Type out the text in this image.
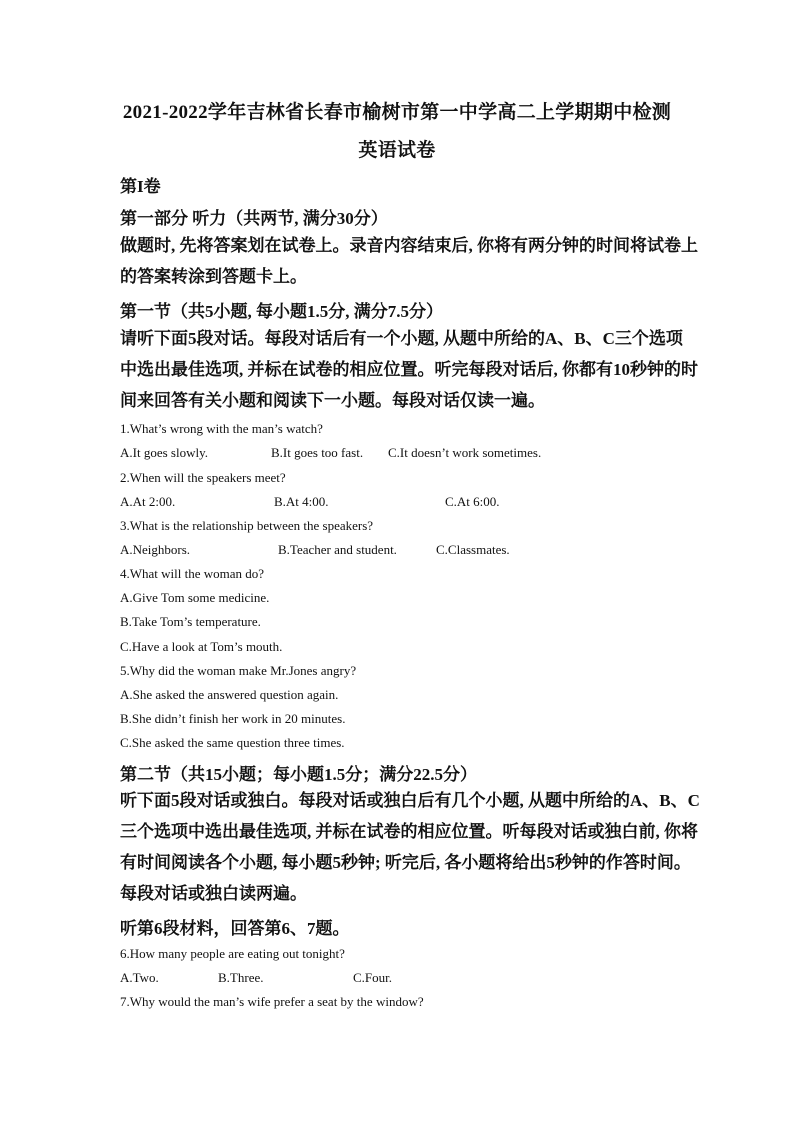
2021-2022学年吉林省长春市榆树市第一中学高二上学期期中检测
英语试卷
第I卷
第一部分 听力（共两节, 满分30分）
做题时, 先将答案划在试卷上。录音内容结束后, 你将有两分钟的时间将试卷上
的答案转涂到答题卡上。
第一节（共5小题, 每小题1.5分, 满分7.5分）
请听下面5段对话。每段对话后有一个小题, 从题中所给的A、B、C三个选项
中选出最佳选项, 并标在试卷的相应位置。听完每段对话后, 你都有10秒钟的时
间来回答有关小题和阅读下一小题。每段对话仅读一遍。
1.What’s wrong with the man’s watch?
A.It goes slowly.	B.It goes too fast. C.It doesn’t work sometimes.
2.When will the speakers meet?
A.At 2:00.	B.At 4:00.	C.At 6:00.
3.What is the relationship between the speakers?
A.Neighbors.	B.Teacher and student.	C.Classmates.
4.What will the woman do?
A.Give Tom some medicine.
B.Take Tom’s temperature.
C.Have a look at Tom’s mouth.
5.Why did the woman make Mr.Jones angry?
A.She asked the answered question again.
B.She didn’t finish her work in 20 minutes.
C.She asked the same question three times.
第二节（共15小题；每小题1.5分；满分22.5分）
听下面5段对话或独白。每段对话或独白后有几个小题, 从题中所给的A、B、C
三个选项中选出最佳选项, 并标在试卷的相应位置。听每段对话或独白前, 你将
有时间阅读各个小题, 每小题5秒钟; 听完后, 各小题将给出5秒钟的作答时间。
每段对话或独白读两遍。
听第6段材料，回答第6、7题。
6.How many people are eating out tonight?
A.Two.	B.Three.	C.Four.
7.Why would the man’s wife prefer a seat by the window?
